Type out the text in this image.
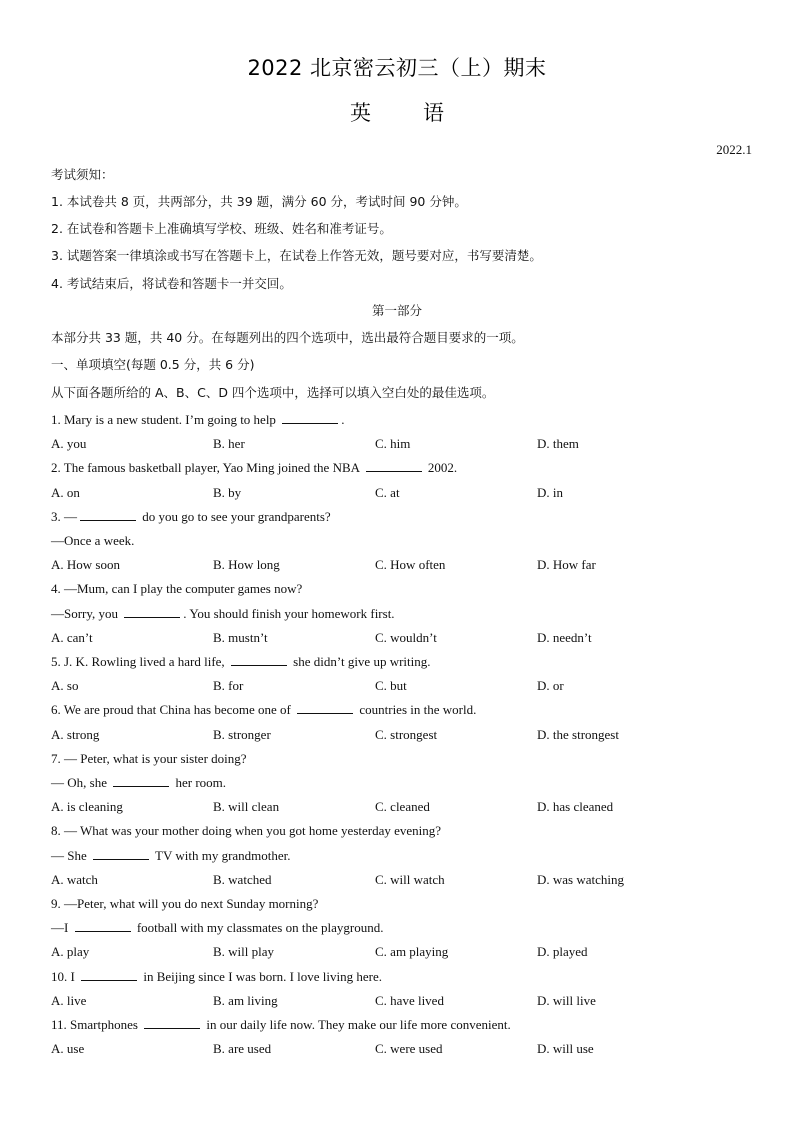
2022 北京密云初三（上）期末
英 语
2022.1
考试须知：
1. 本试卷共 8 页，共两部分，共 39 题，满分 60 分，考试时间 90 分钟。
2. 在试卷和答题卡上准确填写学校、班级、姓名和准考证号。
3. 试题答案一律填涂或书写在答题卡上，在试卷上作答无效，题号要对应，书写要清楚。
4. 考试结束后，将试卷和答题卡一并交回。
第一部分
本部分共 33 题，共 40 分。在每题列出的四个选项中，选出最符合题目要求的一项。
一、单项填空(每题 0.5 分，共 6 分)
从下面各题所给的 A、B、C、D 四个选项中，选择可以填入空白处的最佳选项。
1. Mary is a new student. I’m going to help	.
A. you	B. her	C. him	D. them
2. The famous basketball player, Yao Ming joined the NBA	2002.
A. on	B. by	C. at	D. in
3. —	do you go to see your grandparents?
—Once a week.
A. How soon	B. How long	C. How often	D. How far
4. —Mum, can I play the computer games now?
—Sorry, you	. You should finish your homework first.
A. can’t	B. mustn’t	C. wouldn’t	D. needn’t
5. J. K. Rowling lived a hard life,	she didn’t give up writing.
A. so	B. for	C. but	D. or
6. We are proud that China has become one of	countries in the world.
A. strong	B. stronger	C. strongest	D. the strongest
7. — Peter, what is your sister doing?
— Oh, she	her room.
A. is cleaning	B. will clean	C. cleaned	D. has cleaned
8. — What was your mother doing when you got home yesterday evening?
— She	TV with my grandmother.
A. watch	B. watched	C. will watch	D. was watching
9. —Peter, what will you do next Sunday morning?
—I	football with my classmates on the playground.
A. play	B. will play	C. am playing	D. played
10. I	in Beijing since I was born. I love living here.
A. live	B. am living	C. have lived	D. will live
11. Smartphones	in our daily life now. They make our life more convenient.
A. use	B. are used	C. were used	D. will use
